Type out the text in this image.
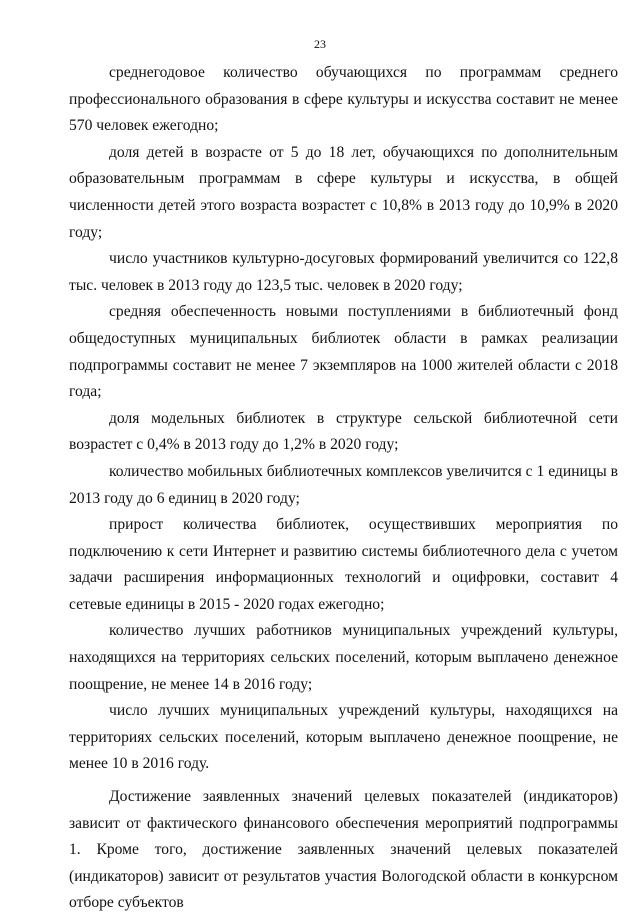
23

среднегодовое количество обучающихся по программам среднего профессионального образования в сфере культуры и искусства составит не менее 570 человек ежегодно;

доля детей в возрасте от 5 до 18 лет, обучающихся по дополнительным образовательным программам в сфере культуры и искусства, в общей численности детей этого возраста возрастет с 10,8% в 2013 году до 10,9% в 2020 году;

число участников культурно-досуговых формирований увеличится со 122,8 тыс. человек в 2013 году до 123,5 тыс. человек в 2020 году;

средняя обеспеченность новыми поступлениями в библиотечный фонд общедоступных муниципальных библиотек области в рамках реализации подпрограммы составит не менее 7 экземпляров на 1000 жителей области с 2018 года;

доля модельных библиотек в структуре сельской библиотечной сети возрастет с 0,4% в 2013 году до 1,2% в 2020 году;

количество мобильных библиотечных комплексов увеличится с 1 единицы в 2013 году до 6 единиц в 2020 году;

прирост количества библиотек, осуществивших мероприятия по подключению к сети Интернет и развитию системы библиотечного дела с учетом задачи расширения информационных технологий и оцифровки, составит 4 сетевые единицы в 2015 - 2020 годах ежегодно;

количество лучших работников муниципальных учреждений культуры, находящихся на территориях сельских поселений, которым выплачено денежное поощрение, не менее 14 в 2016 году;

число лучших муниципальных учреждений культуры, находящихся на территориях сельских поселений, которым выплачено денежное поощрение, не менее 10 в 2016 году.

Достижение заявленных значений целевых показателей (индикаторов) зависит от фактического финансового обеспечения мероприятий подпрограммы 1. Кроме того, достижение заявленных значений целевых показателей (индикаторов) зависит от результатов участия Вологодской области в конкурсном отборе субъектов
